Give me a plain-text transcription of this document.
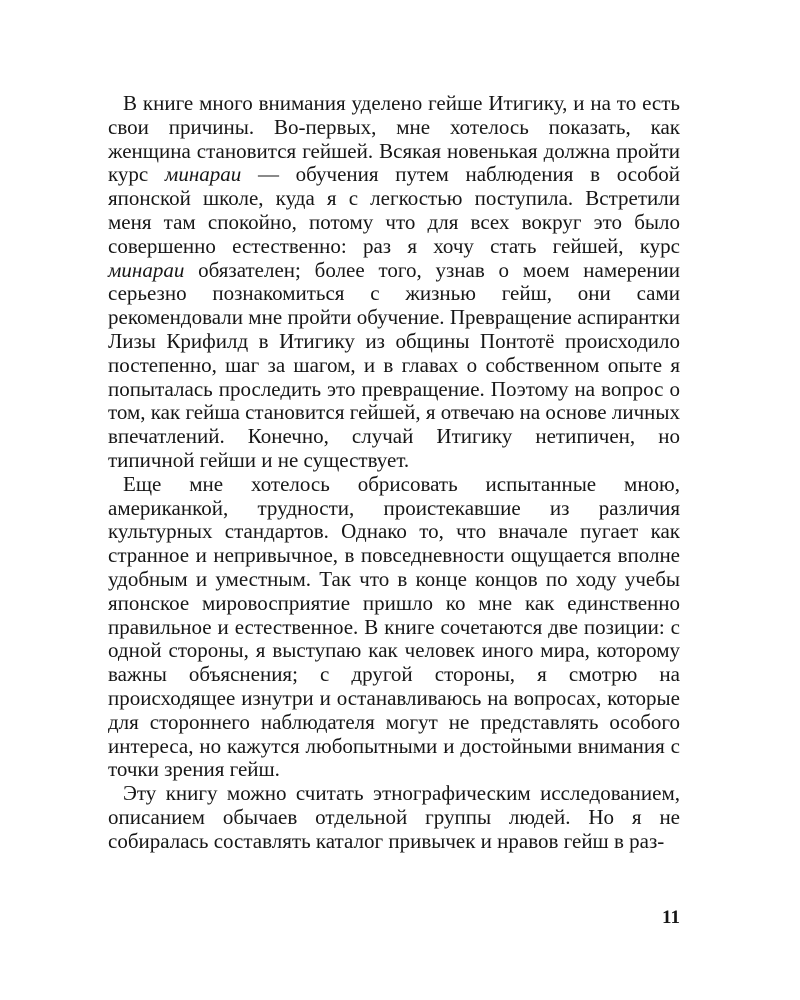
В книге много внимания уделено гейше Итигику, и на то есть свои причины. Во-первых, мне хотелось показать, как женщина становится гейшей. Всякая новенькая должна пройти курс минараи — обучения путем наблюдения в особой японской школе, куда я с легкостью поступила. Встретили меня там спокойно, потому что для всех вокруг это было совершенно естественно: раз я хочу стать гейшей, курс минараи обязателен; более того, узнав о моем намерении серьезно познакомиться с жизнью гейш, они сами рекомендовали мне пройти обучение. Превращение аспирантки Лизы Крифилд в Итигику из общины Понтотё происходило постепенно, шаг за шагом, и в главах о собственном опыте я попыталась проследить это превращение. Поэтому на вопрос о том, как гейша становится гейшей, я отвечаю на основе личных впечатлений. Конечно, случай Итигику нетипичен, но типичной гейши и не существует.

Еще мне хотелось обрисовать испытанные мною, американкой, трудности, проистекавшие из различия культурных стандартов. Однако то, что вначале пугает как странное и непривычное, в повседневности ощущается вполне удобным и уместным. Так что в конце концов по ходу учебы японское мировосприятие пришло ко мне как единственно правильное и естественное. В книге сочетаются две позиции: с одной стороны, я выступаю как человек иного мира, которому важны объяснения; с другой стороны, я смотрю на происходящее изнутри и останавливаюсь на вопросах, которые для стороннего наблюдателя могут не представлять особого интереса, но кажутся любопытными и достойными внимания с точки зрения гейш.

Эту книгу можно считать этнографическим исследованием, описанием обычаев отдельной группы людей. Но я не собиралась составлять каталог привычек и нравов гейш в раз-

11
